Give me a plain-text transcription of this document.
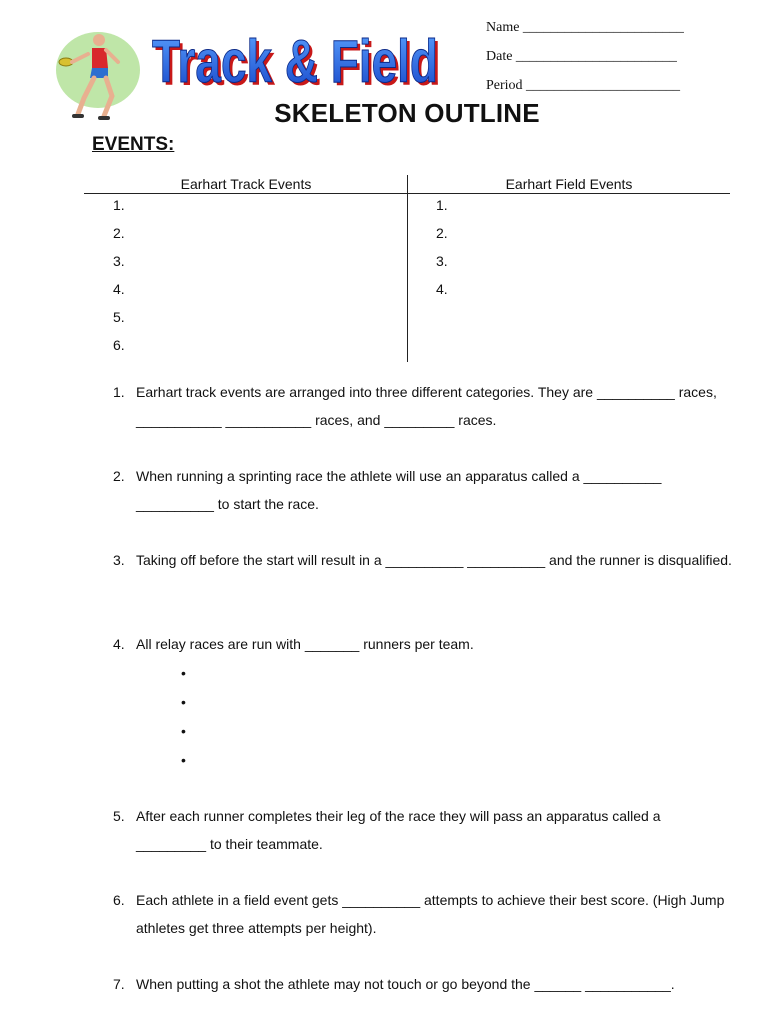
Track & Field
Track & Field
Name _______________________
Date _______________________
Period ______________________
SKELETON OUTLINE
EVENTS:
Earhart Track Events	Earhart Field Events
1.
2.
3.
4.
5.
6.
1.
2.
3.
4.
1. Earhart track events are arranged into three different categories. They are __________ races, ___________ ___________ races, and _________ races.
2. When running a sprinting race the athlete will use an apparatus called a __________ __________ to start the race.
3. Taking off before the start will result in a __________ __________ and the runner is disqualified.
4. All relay races are run with _______ runners per team.
•
•
•
•
5. After each runner completes their leg of the race they will pass an apparatus called a _________ to their teammate.
6. Each athlete in a field event gets __________ attempts to achieve their best score. (High Jump athletes get three attempts per height).
7. When putting a shot the athlete may not touch or go beyond the ______ ___________.
